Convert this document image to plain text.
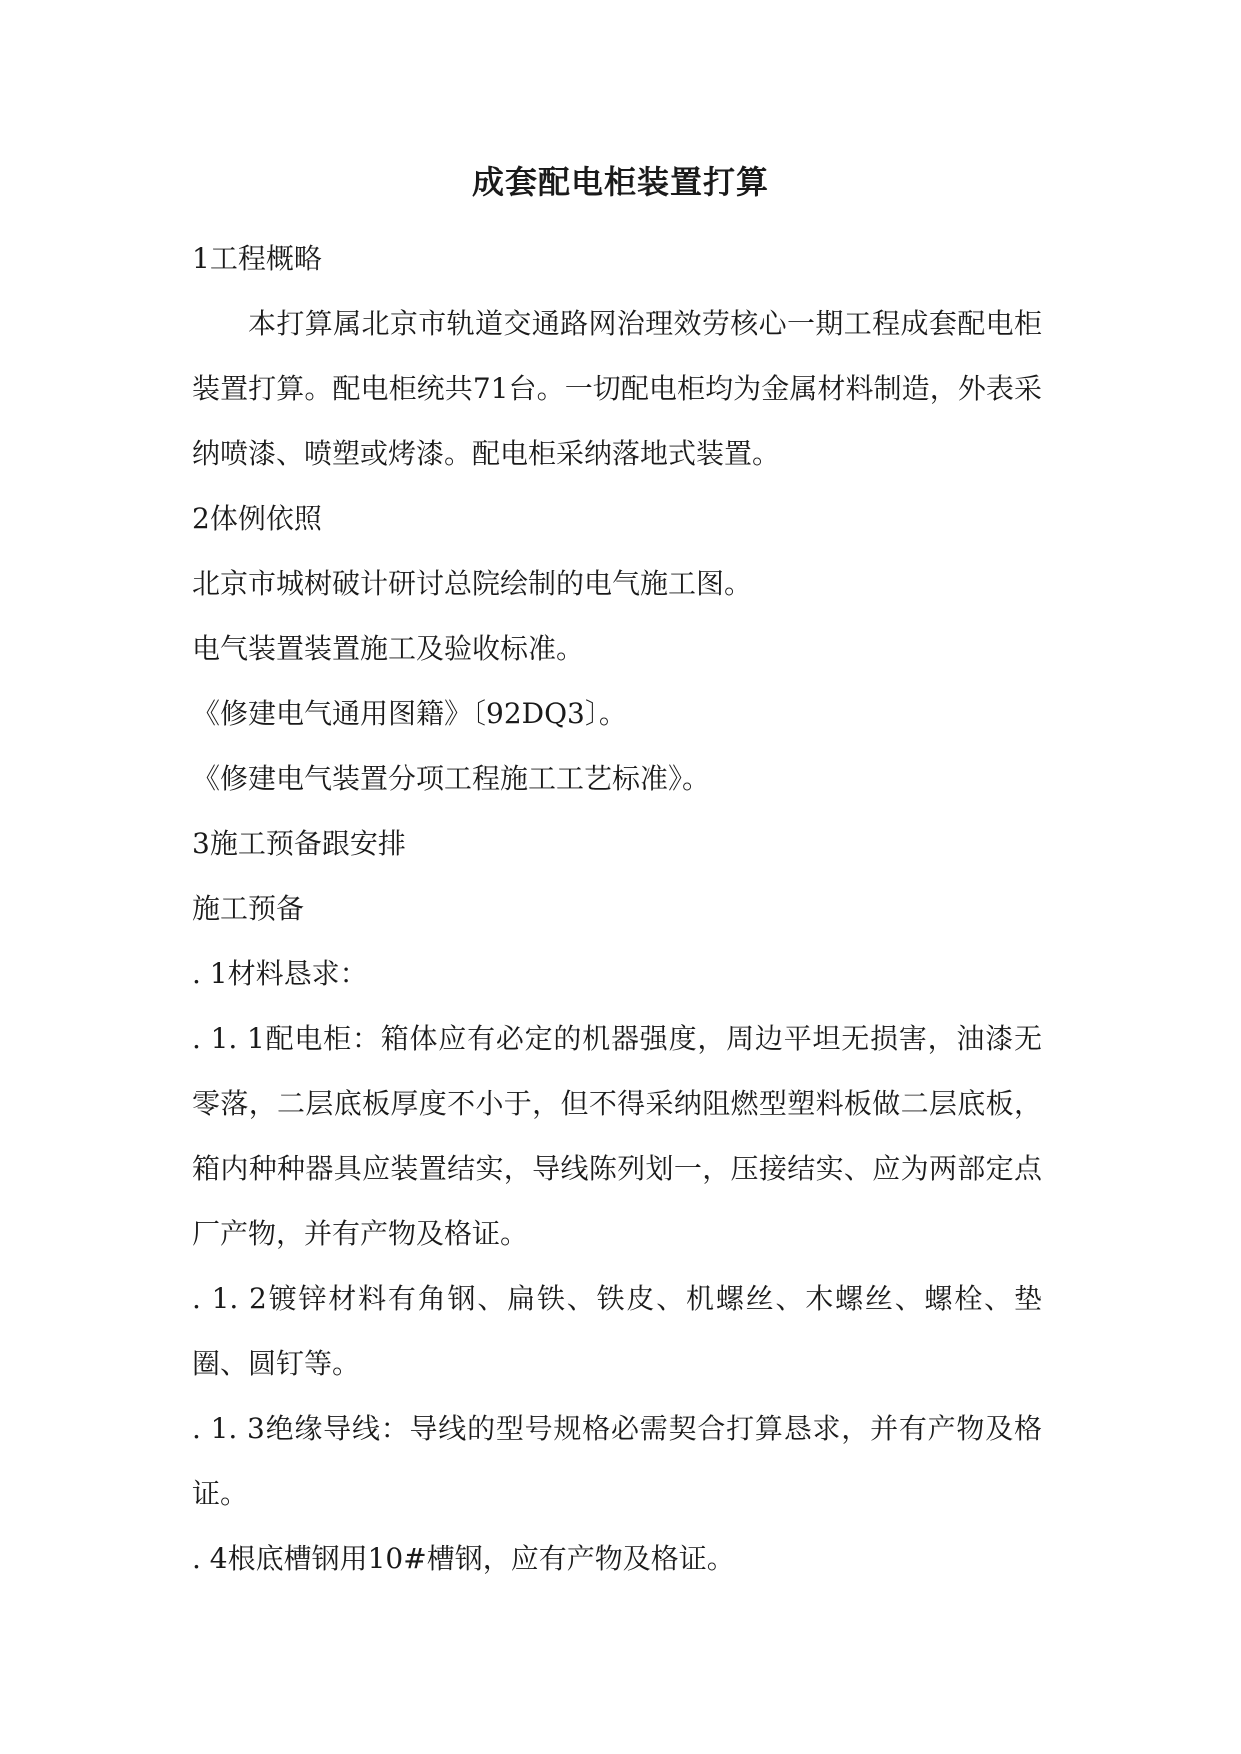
成套配电柜装置打算

1工程概略

本打算属北京市轨道交通路网治理效劳核心一期工程成套配电柜装置打算。配电柜统共71台。一切配电柜均为金属材料制造，外表采纳喷漆、喷塑或烤漆。配电柜采纳落地式装置。

2体例依照

北京市城树破计研讨总院绘制的电气施工图。

电气装置装置施工及验收标准。

《修建电气通用图籍》〔92DQ3〕。

《修建电气装置分项工程施工工艺标准》。

3施工预备跟安排

施工预备

. 1材料恳求：

. 1. 1配电柜：箱体应有必定的机器强度，周边平坦无损害，油漆无零落，二层底板厚度不小于，但不得采纳阻燃型塑料板做二层底板，箱内种种器具应装置结实，导线陈列划一，压接结实、应为两部定点厂产物，并有产物及格证。

. 1. 2镀锌材料有角钢、扁铁、铁皮、机螺丝、木螺丝、螺栓、垫圈、圆钉等。

. 1. 3绝缘导线：导线的型号规格必需契合打算恳求，并有产物及格证。

. 4根底槽钢用10#槽钢，应有产物及格证。
